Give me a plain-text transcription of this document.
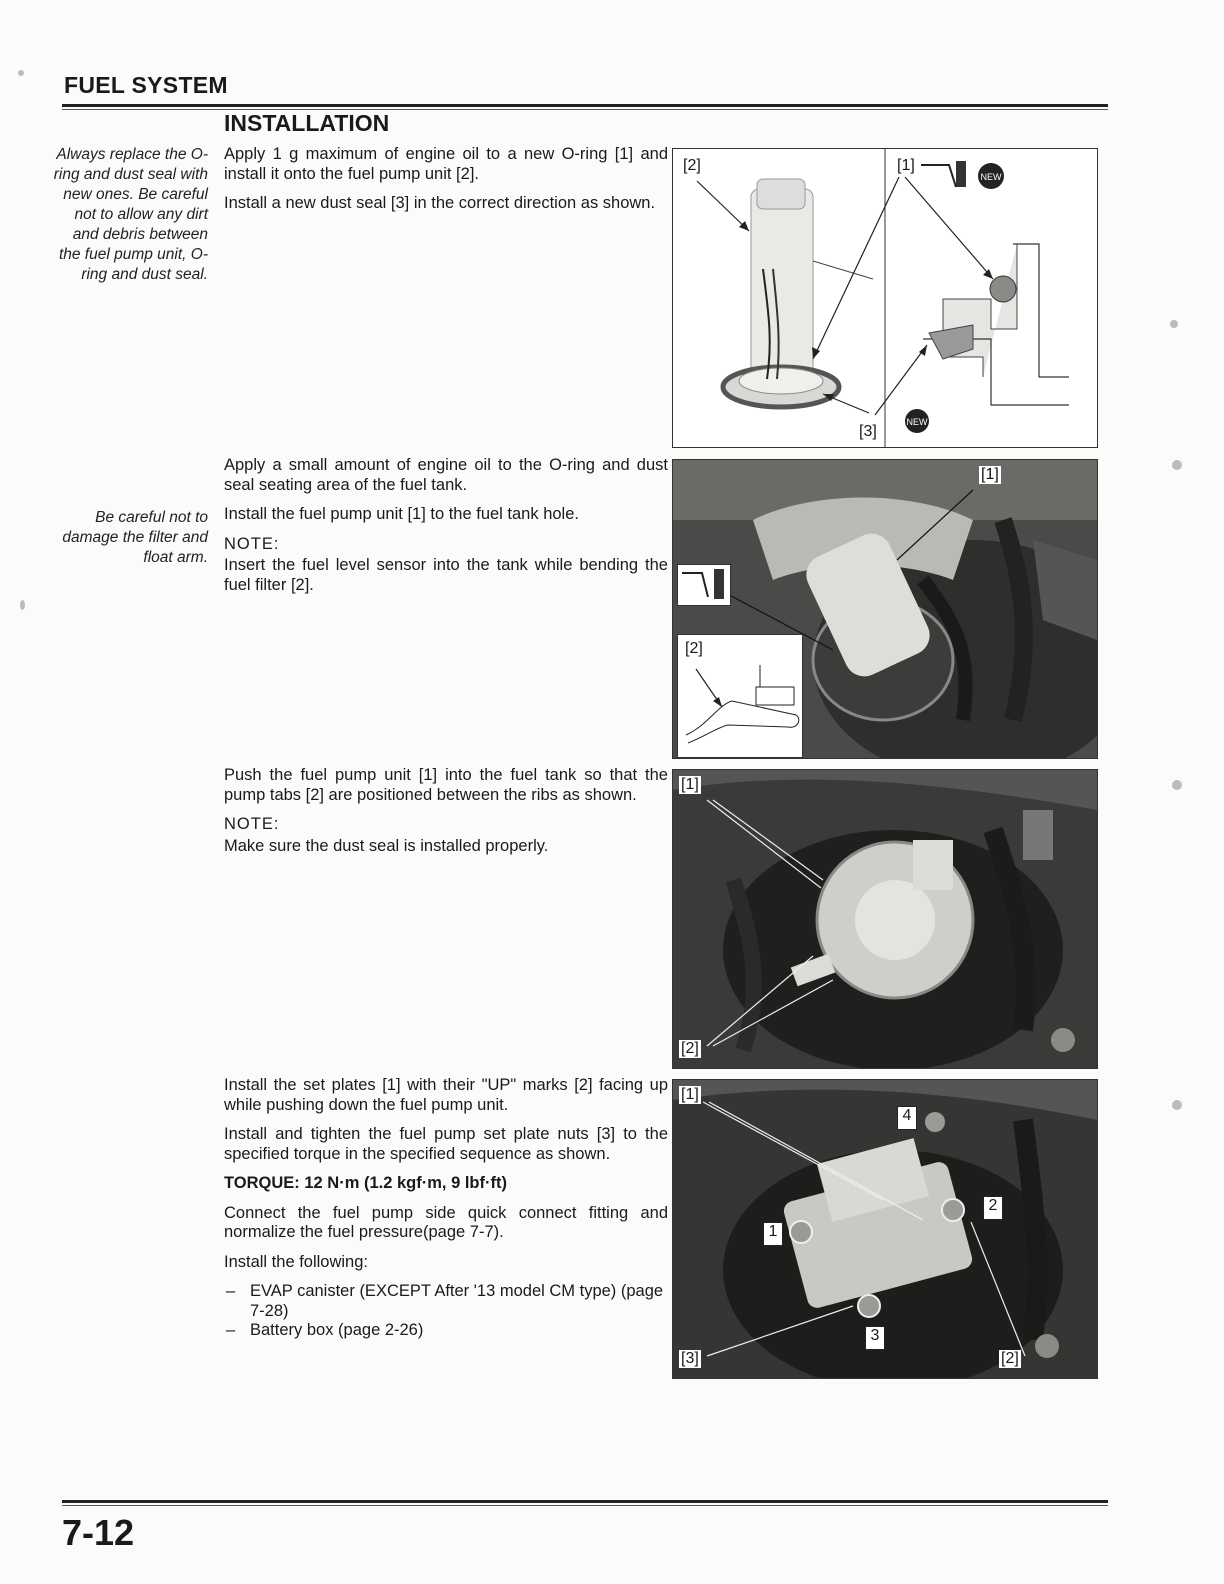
FUEL SYSTEM
INSTALLATION
Always replace the O-ring and dust seal with new ones. Be careful not to allow any dirt and debris between the fuel pump unit, O-ring and dust seal.

Apply 1 g maximum of engine oil to a new O-ring [1] and install it onto the fuel pump unit [2].

Install a new dust seal [3] in the correct direction as shown.

NEW
NEW
[2]	[1]
[3]

Apply a small amount of engine oil to the O-ring and dust seal seating area of the fuel tank.

Install the fuel pump unit [1] to the fuel tank hole.

NOTE:

Insert the fuel level sensor into the tank while bending the fuel filter [2].

Be careful not to damage the filter and float arm.
[1]
[2]

Push the fuel pump unit [1] into the fuel tank so that the pump tabs [2] are positioned between the ribs as shown.

NOTE:

Make sure the dust seal is installed properly.

[1]
[2]

Install the set plates [1] with their "UP" marks [2] facing up while pushing down the fuel pump unit.

Install and tighten the fuel pump set plate nuts [3] to the specified torque in the specified sequence as shown.

TORQUE: 12 N·m (1.2 kgf·m, 9 lbf·ft)

Connect the fuel pump side quick connect fitting and normalize the fuel pressure(page 7-7).

Install the following:

– EVAP canister (EXCEPT After '13 model CM type) (page 7-28)
– Battery box (page 2-26)
[1]
[2]
[3]
1
2
3
4
7-12
